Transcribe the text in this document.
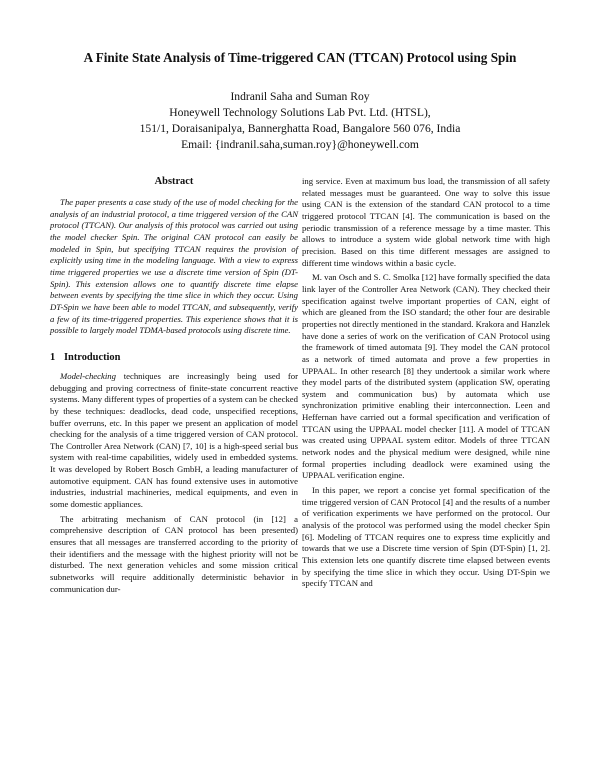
A Finite State Analysis of Time-triggered CAN (TTCAN) Protocol using Spin
Indranil Saha and Suman Roy
Honeywell Technology Solutions Lab Pvt. Ltd. (HTSL),
151/1, Doraisanipalya, Bannerghatta Road, Bangalore 560 076, India
Email: {indranil.saha,suman.roy}@honeywell.com
Abstract

The paper presents a case study of the use of model checking for the analysis of an industrial protocol, a time triggered version of the CAN protocol (TTCAN). Our analysis of this protocol was carried out using the model checker Spin. The original CAN protocol can easily be modeled in Spin, but specifying TTCAN requires the provision of explicitly using time in the modeling language. With a view to express time triggered properties we use a discrete time version of Spin (DT-Spin). This extension allows one to quantify discrete time elapse between events by specifying the time slice in which they occur. Using DT-Spin we have been able to model TTCAN, and subsequently, verify a few of its time-triggered properties. This experience shows that it is possible to largely model TDMA-based protocols using discrete time.

1 Introduction

Model-checking techniques are increasingly being used for debugging and proving correctness of finite-state concurrent reactive systems. Many different types of properties of a system can be checked by these techniques: deadlocks, dead code, unspecified receptions, buffer overruns, etc. In this paper we present an application of model checking for the analysis of a time triggered version of CAN protocol. The Controller Area Network (CAN) [7, 10] is a high-speed serial bus system with real-time capabilities, widely used in embedded systems. It was developed by Robert Bosch GmbH, a leading manufacturer of automotive equipment. CAN has found extensive uses in automotive industries, industrial machineries, medical equipments, and even in some domestic appliances.

The arbitrating mechanism of CAN protocol (in [12] a comprehensive description of CAN protocol has been presented) ensures that all messages are transferred according to the priority of their identifiers and the message with the highest priority will not be disturbed. The next generation vehicles and some mission critical subnetworks will require additionally deterministic behavior in communication dur-

ing service. Even at maximum bus load, the transmission of all safety related messages must be guaranteed. One way to solve this issue using CAN is the extension of the standard CAN protocol to a time triggered protocol TTCAN [4]. The communication is based on the periodic transmission of a reference message by a time master. This allows to introduce a system wide global network time with high precision. Based on this time different messages are assigned to different time windows within a basic cycle.

M. van Osch and S. C. Smolka [12] have formally specified the data link layer of the Controller Area Network (CAN). They checked their specification against twelve important properties of CAN, eight of which are gleaned from the ISO standard; the other four are desirable properties not directly mentioned in the standard. Krakora and Hanzlek have done a series of work on the verification of CAN Protocol using the framework of timed automata [9]. They model the CAN protocol as a network of timed automata and prove a few properties in UPPAAL. In other research [8] they undertook a similar work where they model parts of the distributed system (application SW, operating system and communication bus) by automata which use synchronization primitive enabling their interconnection. Leen and Heffernan have carried out a formal specification and verification of TTCAN using the UPPAAL model checker [11]. A model of TTCAN was created using UPPAAL system editor. Models of three TTCAN network nodes and the physical medium were designed, while nine formal properties including deadlock were examined using the UPPAAL verification engine.

In this paper, we report a concise yet formal specification of the time triggered version of CAN Protocol [4] and the results of a number of verification experiments we have performed on the protocol. Our analysis of the protocol was performed using the model checker Spin [6]. Modeling of TTCAN requires one to express time explicitly and towards that we use a Discrete time version of Spin (DT-Spin) [1, 2]. This extension lets one quantify discrete time elapsed between events by specifying the time slice in which they occur. Using DT-Spin we specify TTCAN and
